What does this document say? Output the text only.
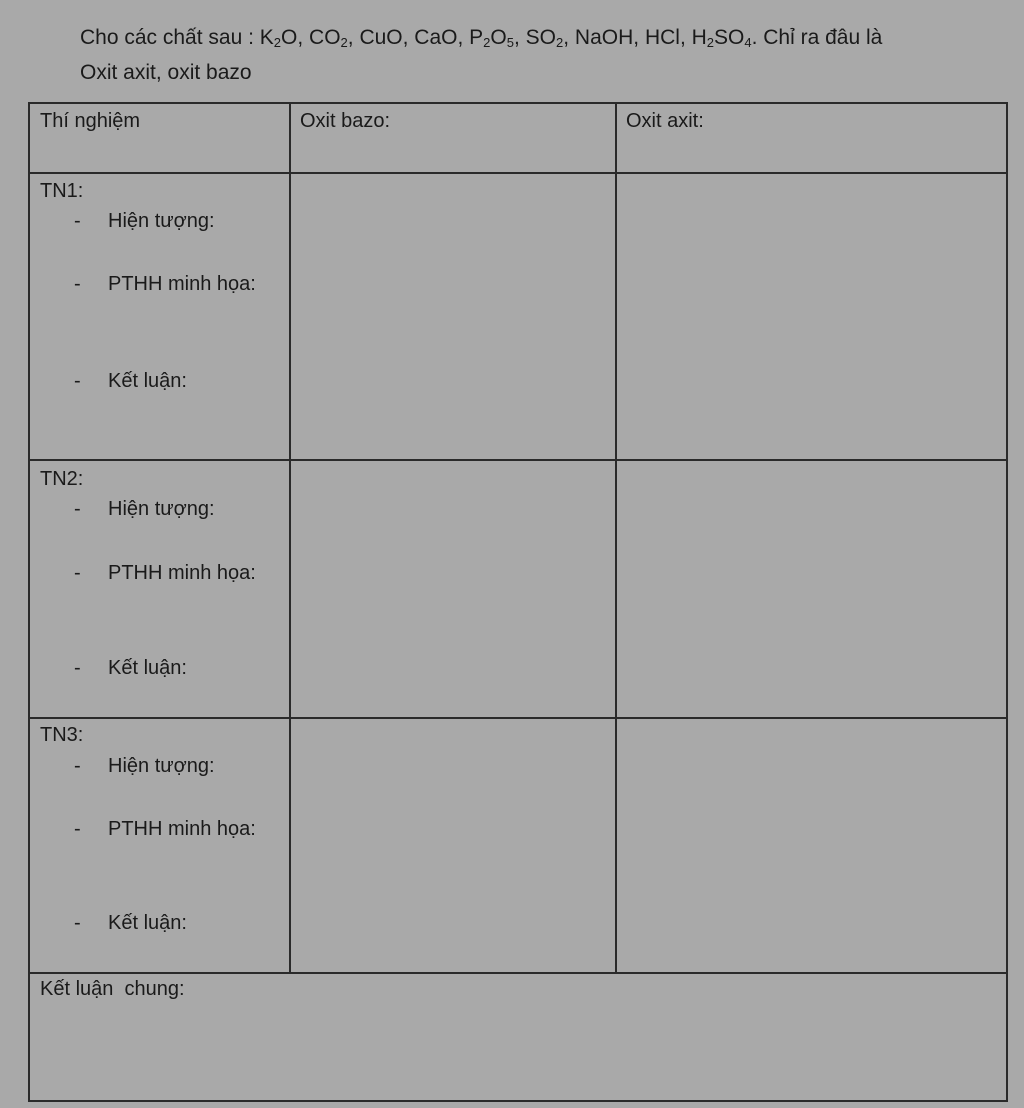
Cho các chất sau : $K_2O$, $CO_2$, CuO, CaO, $P_2O_5$, $SO_2$, NaOH, HCl, $H_2SO_4$. Chỉ ra đâu là
Oxit axit, oxit bazo
Thí nghiệm	Oxit bazo:	Oxit axit:
TN1:
- Hiện tượng:
- PTHH minh họa:
- Kết luận:
TN2:
- Hiện tượng:
- PTHH minh họa:
- Kết luận:
TN3:
- Hiện tượng:
- PTHH minh họa:
- Kết luận:
Kết luận  chung:
